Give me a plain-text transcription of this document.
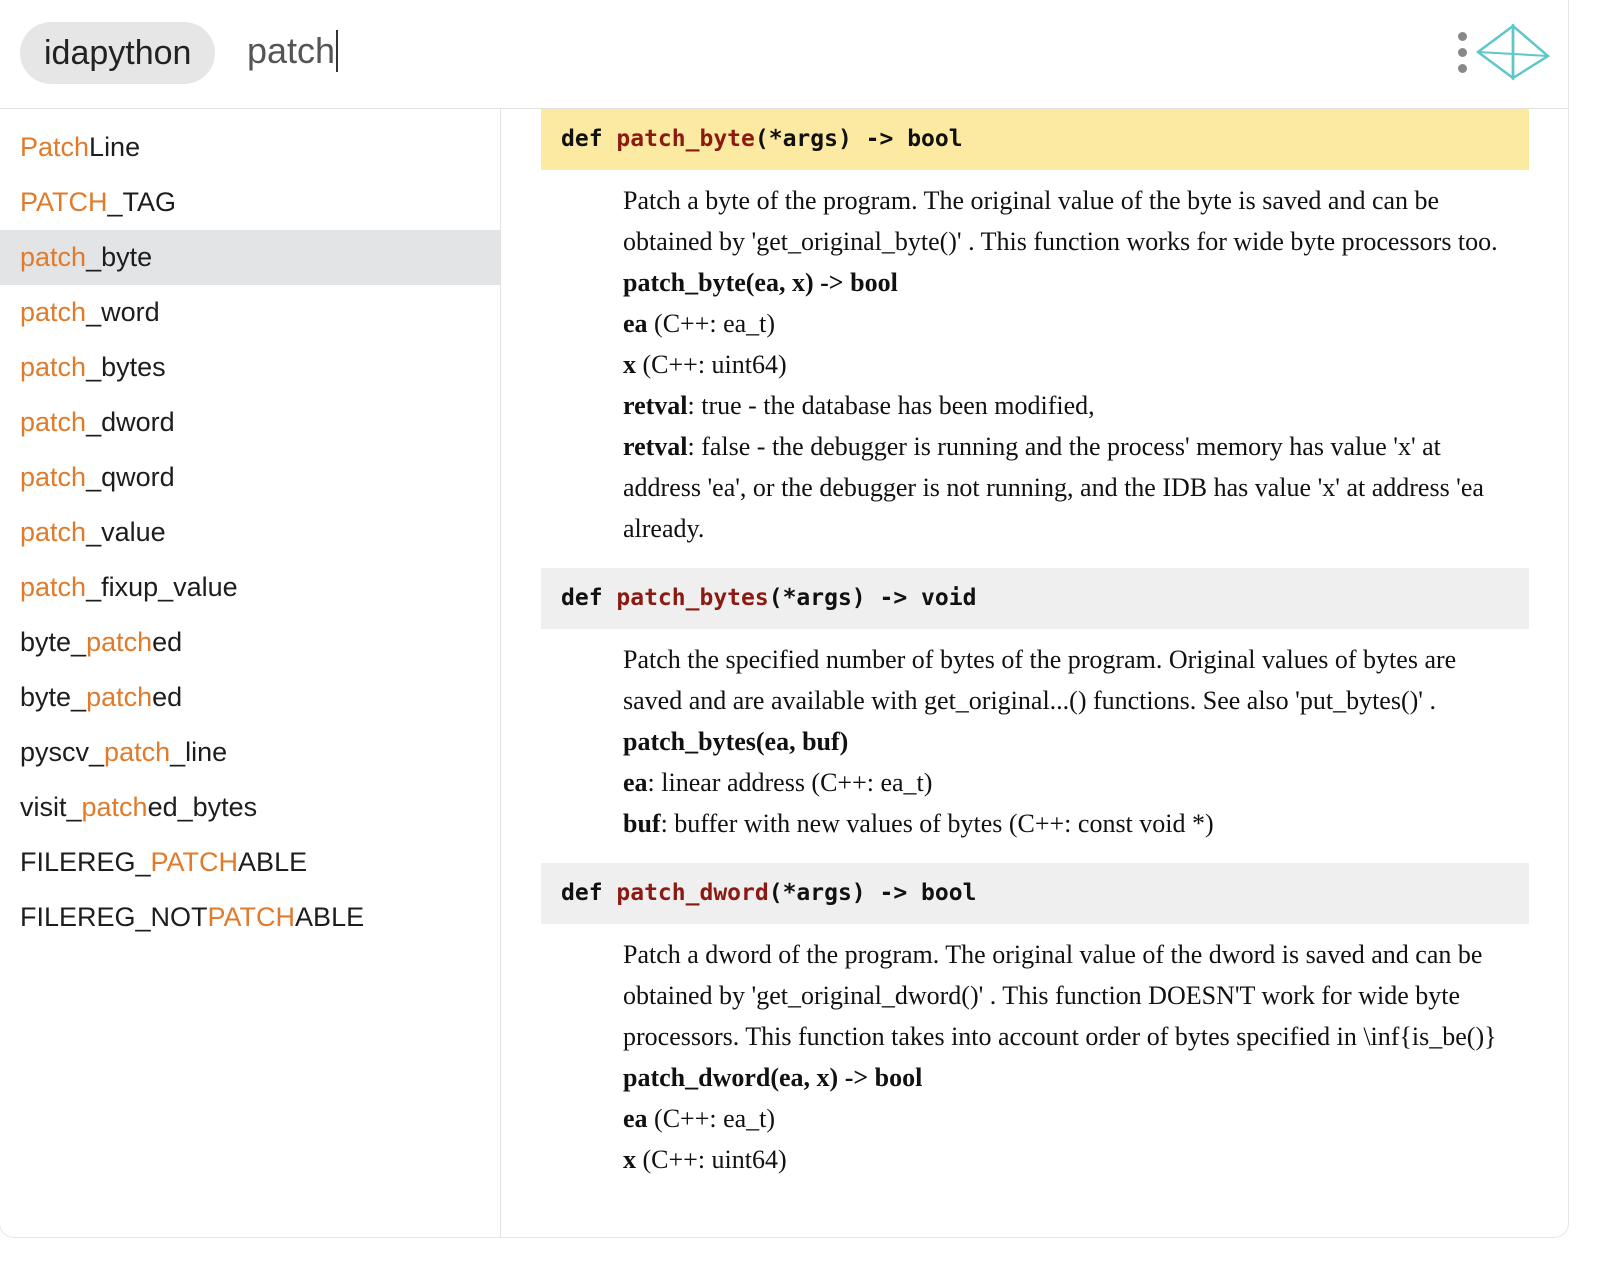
idapython	patch
PatchLine
PATCH_TAG
patch_byte
patch_word
patch_bytes
patch_dword
patch_qword
patch_value
patch_fixup_value
byte_patched
byte_patched
pyscv_patch_line
visit_patched_bytes
FILEREG_PATCHABLE
FILEREG_NOTPATCHABLE
def patch_byte(*args) -> bool

Patch a byte of the program. The original value of the byte is saved and can be obtained by 'get_original_byte()' . This function works for wide byte processors too.

patch_byte(ea, x) -> bool

ea (C++: ea_t)

x (C++: uint64)

retval: true - the database has been modified,

retval: false - the debugger is running and the process' memory has value 'x' at address 'ea', or the debugger is not running, and the IDB has value 'x' at address 'ea already.

def patch_bytes(*args) -> void

Patch the specified number of bytes of the program. Original values of bytes are saved and are available with get_original...() functions. See also 'put_bytes()' .

patch_bytes(ea, buf)

ea: linear address (C++: ea_t)

buf: buffer with new values of bytes (C++: const void *)

def patch_dword(*args) -> bool

Patch a dword of the program. The original value of the dword is saved and can be obtained by 'get_original_dword()' . This function DOESN'T work for wide byte processors. This function takes into account order of bytes specified in \inf{is_be()}

patch_dword(ea, x) -> bool

ea (C++: ea_t)

x (C++: uint64)
